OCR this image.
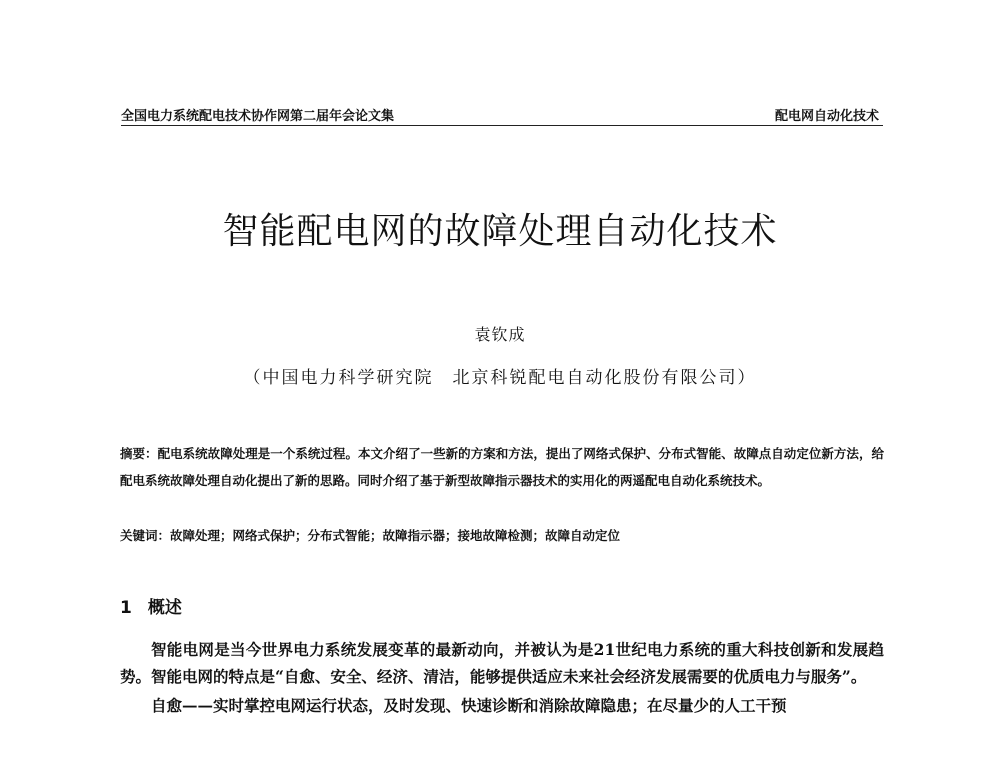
全国电力系统配电技术协作网第二届年会论文集	配电网自动化技术
智能配电网的故障处理自动化技术
袁钦成
（中国电力科学研究院　北京科锐配电自动化股份有限公司）
摘要：配电系统故障处理是一个系统过程。本文介绍了一些新的方案和方法，提出了网络式保护、分布式智能、故障点自动定位新方法，给配电系统故障处理自动化提出了新的思路。同时介绍了基于新型故障指示器技术的实用化的两遥配电自动化系统技术。
关键词：故障处理；网络式保护；分布式智能；故障指示器；接地故障检测；故障自动定位
1 概述

智能电网是当今世界电力系统发展变革的最新动向，并被认为是21世纪电力系统的重大科技创新和发展趋势。智能电网的特点是“自愈、安全、经济、清洁，能够提供适应未来社会经济发展需要的优质电力与服务”。

自愈——实时掌控电网运行状态，及时发现、快速诊断和消除故障隐患；在尽量少的人工干预
